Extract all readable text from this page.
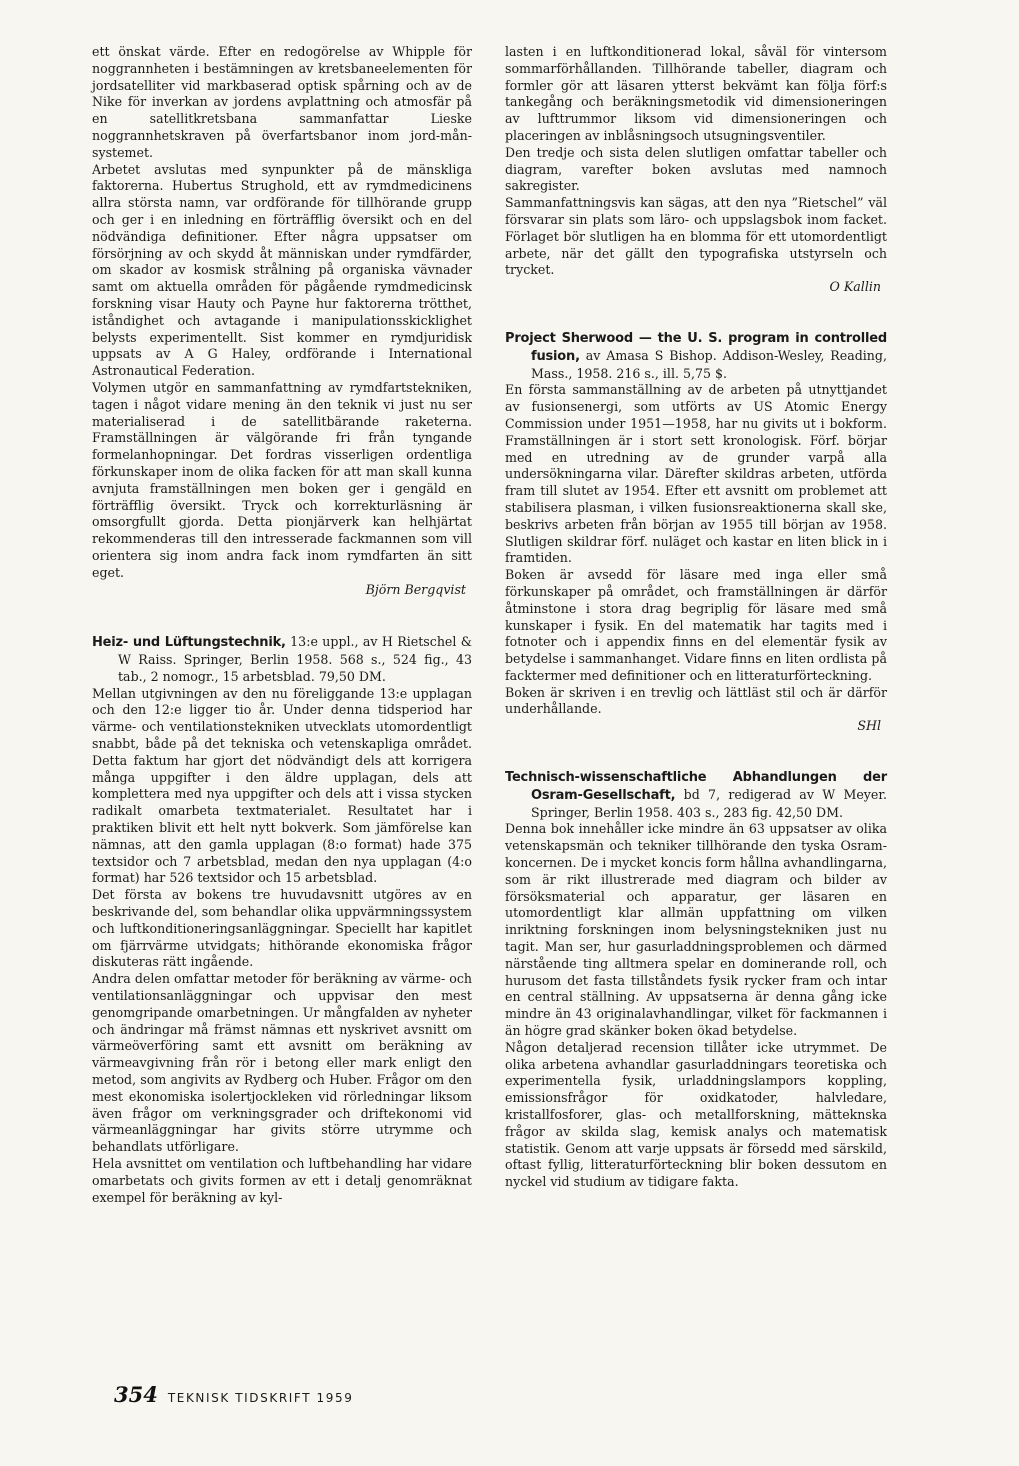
ett önskat värde. Efter en redogörelse av Whipple för noggrannheten i bestämningen av kretsbaneelementen för jordsatelliter vid markbaserad optisk spårning och av de Nike för inverkan av jordens avplattning och atmosfär på en satellitkretsbana sammanfattar Lieske noggrannhetskraven på överfartsbanor inom jord-mån-systemet.

Arbetet avslutas med synpunkter på de mänskliga faktorerna. Hubertus Strughold, ett av rymdmedicinens allra största namn, var ordförande för tillhörande grupp och ger i en inledning en förträfflig översikt och en del nödvändiga definitioner. Efter några uppsatser om försörjning av och skydd åt människan under rymdfärder, om skador av kosmisk strålning på organiska vävnader samt om aktuella områden för pågående rymdmedicinsk forskning visar Hauty och Payne hur faktorerna trötthet, iståndighet och avtagande i manipulationsskicklighet belysts experimentellt. Sist kommer en rymdjuridisk uppsats av A G Haley, ordförande i International Astronautical Federation.

Volymen utgör en sammanfattning av rymdfartstekniken, tagen i något vidare mening än den teknik vi just nu ser materialiserad i de satellitbärande raketerna. Framställningen är välgörande fri från tyngande formelanhopningar. Det fordras visserligen ordentliga förkunskaper inom de olika facken för att man skall kunna avnjuta framställningen men boken ger i gengäld en förträfflig översikt. Tryck och korrekturläsning är omsorgfullt gjorda. Detta pionjärverk kan helhjärtat rekommenderas till den intresserade fackmannen som vill orientera sig inom andra fack inom rymdfarten än sitt eget.

Björn Bergqvist

Heiz- und Lüftungstechnik, 13:e uppl., av H Rietschel & W Raiss. Springer, Berlin 1958. 568 s., 524 fig., 43 tab., 2 nomogr., 15 arbetsblad. 79,50 DM.

Mellan utgivningen av den nu föreliggande 13:e upplagan och den 12:e ligger tio år. Under denna tidsperiod har värme- och ventilationstekniken utvecklats utomordentligt snabbt, både på det tekniska och vetenskapliga området. Detta faktum har gjort det nödvändigt dels att korrigera många uppgifter i den äldre upplagan, dels att komplettera med nya uppgifter och dels att i vissa stycken radikalt omarbeta textmaterialet. Resultatet har i praktiken blivit ett helt nytt bokverk. Som jämförelse kan nämnas, att den gamla upplagan (8:o format) hade 375 textsidor och 7 arbetsblad, medan den nya upplagan (4:o format) har 526 textsidor och 15 arbetsblad.

Det första av bokens tre huvudavsnitt utgöres av en beskrivande del, som behandlar olika uppvärmningssystem och luftkonditioneringsanläggningar. Speciellt har kapitlet om fjärrvärme utvidgats; hithörande ekonomiska frågor diskuteras rätt ingående.

Andra delen omfattar metoder för beräkning av värme- och ventilationsanläggningar och uppvisar den mest genomgripande omarbetningen. Ur mångfalden av nyheter och ändringar må främst nämnas ett nyskrivet avsnitt om värmeöverföring samt ett avsnitt om beräkning av värmeavgivning från rör i betong eller mark enligt den metod, som angivits av Rydberg och Huber. Frågor om den mest ekonomiska isolertjockleken vid rörledningar liksom även frågor om verkningsgrader och driftekonomi vid värmeanläggningar har givits större utrymme och behandlats utförligare.

Hela avsnittet om ventilation och luftbehandling har vidare omarbetats och givits formen av ett i detalj genomräknat exempel för beräkning av kyl-

lasten i en luftkonditionerad lokal, såväl för vintersom sommarförhållanden. Tillhörande tabeller, diagram och formler gör att läsaren ytterst bekvämt kan följa förf:s tankegång och beräkningsmetodik vid dimensioneringen av lufttrummor liksom vid dimensioneringen och placeringen av inblåsningsoch utsugningsventiler.

Den tredje och sista delen slutligen omfattar tabeller och diagram, varefter boken avslutas med namnoch sakregister.

Sammanfattningsvis kan sägas, att den nya ”Rietschel” väl försvarar sin plats som läro- och uppslagsbok inom facket. Förlaget bör slutligen ha en blomma för ett utomordentligt arbete, när det gällt den typografiska utstyrseln och trycket.

O Kallin

Project Sherwood — the U. S. program in controlled fusion, av Amasa S Bishop. Addison-Wesley, Reading, Mass., 1958. 216 s., ill. 5,75 $.

En första sammanställning av de arbeten på utnyttjandet av fusionsenergi, som utförts av US Atomic Energy Commission under 1951—1958, har nu givits ut i bokform. Framställningen är i stort sett kronologisk. Förf. börjar med en utredning av de grunder varpå alla undersökningarna vilar. Därefter skildras arbeten, utförda fram till slutet av 1954. Efter ett avsnitt om problemet att stabilisera plasman, i vilken fusionsreaktionerna skall ske, beskrivs arbeten från början av 1955 till början av 1958. Slutligen skildrar förf. nuläget och kastar en liten blick in i framtiden.

Boken är avsedd för läsare med inga eller små förkunskaper på området, och framställningen är därför åtminstone i stora drag begriplig för läsare med små kunskaper i fysik. En del matematik har tagits med i fotnoter och i appendix finns en del elementär fysik av betydelse i sammanhanget. Vidare finns en liten ordlista på facktermer med definitioner och en litteraturförteckning.

Boken är skriven i en trevlig och lättläst stil och är därför underhållande.

SHl

Technisch-wissenschaftliche Abhandlungen der Osram-Gesellschaft, bd 7, redigerad av W Meyer. Springer, Berlin 1958. 403 s., 283 fig. 42,50 DM.

Denna bok innehåller icke mindre än 63 uppsatser av olika vetenskapsmän och tekniker tillhörande den tyska Osram-koncernen. De i mycket koncis form hållna avhandlingarna, som är rikt illustrerade med diagram och bilder av försöksmaterial och apparatur, ger läsaren en utomordentligt klar allmän uppfattning om vilken inriktning forskningen inom belysningstekniken just nu tagit. Man ser, hur gasurladdningsproblemen och därmed närstående ting alltmera spelar en dominerande roll, och hurusom det fasta tillståndets fysik rycker fram och intar en central ställning. Av uppsatserna är denna gång icke mindre än 43 originalavhandlingar, vilket för fackmannen i än högre grad skänker boken ökad betydelse.

Någon detaljerad recension tillåter icke utrymmet. De olika arbetena avhandlar gasurladdningars teoretiska och experimentella fysik, urladdningslampors koppling, emissionsfrågor för oxidkatoder, halvledare, kristallfosforer, glas- och metallforskning, mätteknska frågor av skilda slag, kemisk analys och matematisk statistik. Genom att varje uppsats är försedd med särskild, oftast fyllig, litteraturförteckning blir boken dessutom en nyckel vid studium av tidigare fakta.

354 TEKNISK TIDSKRIFT 1959
